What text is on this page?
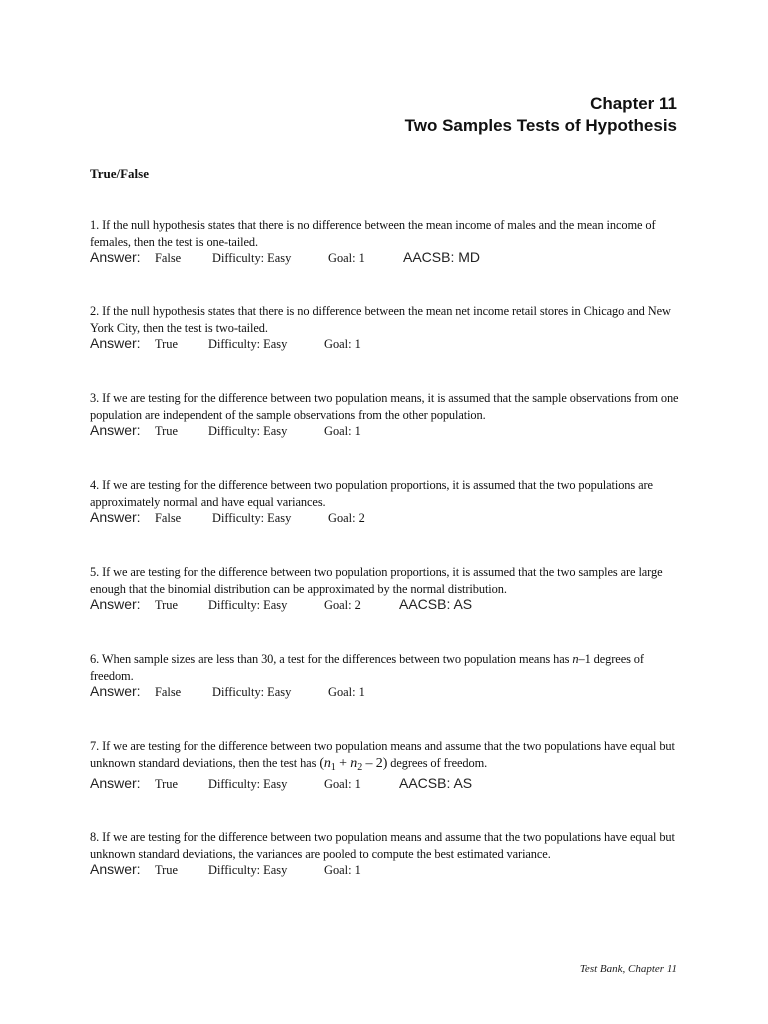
Chapter 11
Two Samples Tests of Hypothesis
True/False
1. If the null hypothesis states that there is no difference between the mean income of males and the mean income of females, then the test is one-tailed.
Answer: False Difficulty: Easy	Goal: 1	AACSB: MD
2. If the null hypothesis states that there is no difference between the mean net income retail stores in Chicago and New York City, then the test is two-tailed.
Answer: True Difficulty: Easy	Goal: 1
3. If we are testing for the difference between two population means, it is assumed that the sample observations from one population are independent of the sample observations from the other population.
Answer: True Difficulty: Easy	Goal: 1
4. If we are testing for the difference between two population proportions, it is assumed that the two populations are approximately normal and have equal variances.
Answer: False Difficulty: Easy	Goal: 2
5. If we are testing for the difference between two population proportions, it is assumed that the two samples are large enough that the binomial distribution can be approximated by the normal distribution.
Answer: True Difficulty: Easy	Goal: 2	AACSB: AS
6. When sample sizes are less than 30, a test for the differences between two population means has n–1 degrees of freedom.
Answer: False Difficulty: Easy	Goal: 1
7. If we are testing for the difference between two population means and assume that the two populations have equal but unknown standard deviations, then the test has $(n_1 + n_2 - 2)$ degrees of freedom.
Answer: True Difficulty: Easy	Goal: 1	AACSB: AS
8. If we are testing for the difference between two population means and assume that the two populations have equal but unknown standard deviations, the variances are pooled to compute the best estimated variance.
Answer: True Difficulty: Easy	Goal: 1
Test Bank, Chapter 11
